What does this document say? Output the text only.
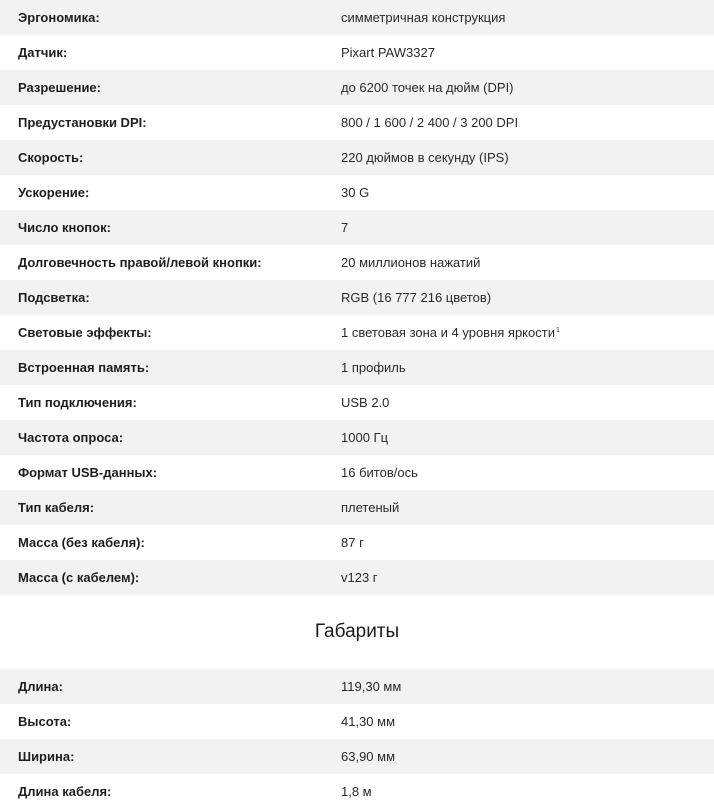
Эргономика:	симметричная конструкция
Датчик:	Pixart PAW3327
Разрешение:	до 6200 точек на дюйм (DPI)
Предустановки DPI:	800 / 1 600 / 2 400 / 3 200 DPI
Скорость:	220 дюймов в секунду (IPS)
Ускорение:	30 G
Число кнопок:	7
Долговечность правой/левой кнопки:	20 миллионов нажатий
Подсветка:	RGB (16 777 216 цветов)
Световые эффекты:	1 световая зона и 4 уровня яркости$^1$
Встроенная память:	1 профиль
Тип подключения:	USB 2.0
Частота опроса:	1000 Гц
Формат USB-данных:	16 битов/ось
Тип кабеля:	плетеный
Масса (без кабеля):	87 г
Масса (с кабелем):	v123 г
Габариты
Длина:	119,30 мм
Высота:	41,30 мм
Ширина:	63,90 мм
Длина кабеля:	1,8 м
